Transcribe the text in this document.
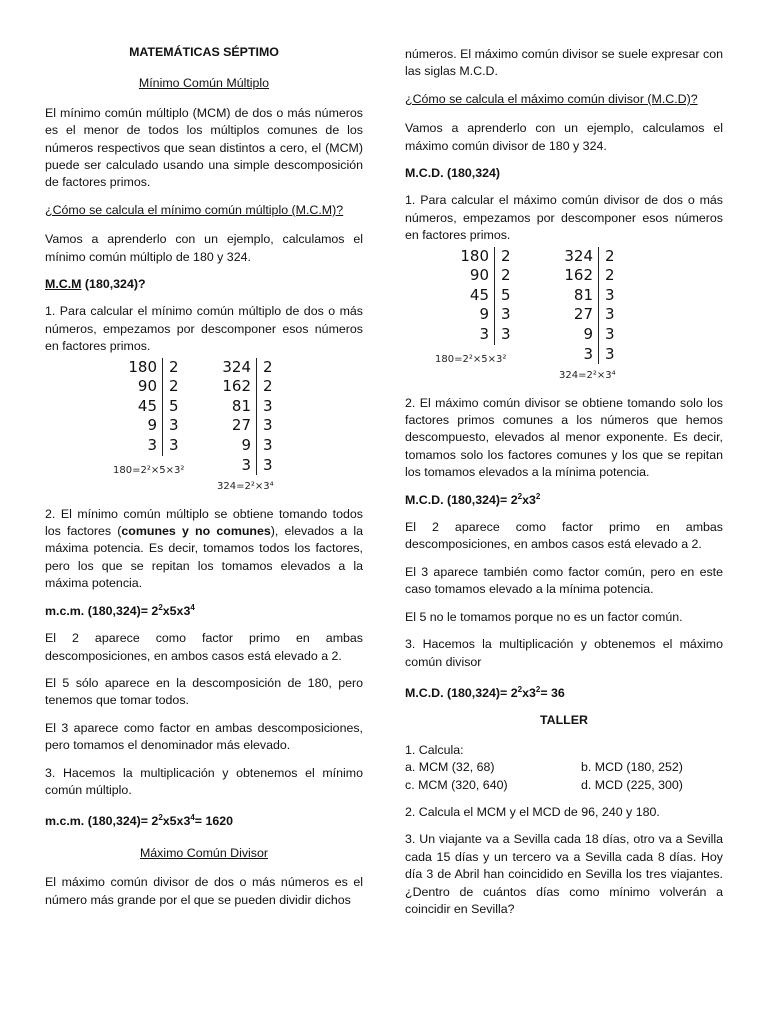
MATEMÁTICAS SÉPTIMO
Mínimo Común Múltiplo

El mínimo común múltiplo (MCM) de dos o más números es el menor de todos los múltiplos comunes de los números respectivos que sean distintos a cero, el (MCM) puede ser calculado usando una simple descomposición de factores primos.

¿Cómo se calcula el mínimo común múltiplo (M.C.M)?

Vamos a aprenderlo con un ejemplo, calculamos el mínimo común múltiplo de 180 y 324.

M.C.M (180,324)?

1. Para calcular el mínimo común múltiplo de dos o más números, empezamos por descomponer esos números en factores primos.

180 2
90 2
45 5
9 3
3 3
180=2²×5×3²
324 2
162 2
81 3
27 3
9 3
3 3
324=2²×3⁴

2. El mínimo común múltiplo se obtiene tomando todos los factores (comunes y no comunes), elevados a la máxima potencia. Es decir, tomamos todos los factores, pero los que se repitan los tomamos elevados a la máxima potencia.

m.c.m. $(180,324)= 2^2x5x3^4$

El 2 aparece como factor primo en ambas descomposiciones, en ambos casos está elevado a 2.

El 5 sólo aparece en la descomposición de 180, pero tenemos que tomar todos.

El 3 aparece como factor en ambas descomposiciones, pero tomamos el denominador más elevado.

3. Hacemos la multiplicación y obtenemos el mínimo común múltiplo.

m.c.m. $(180,324)= 2^2x5x3^4= 1620$

Máximo Común Divisor

El máximo común divisor de dos o más números es el número más grande por el que se pueden dividir dichos

números. El máximo común divisor se suele expresar con las siglas M.C.D.

¿Cómo se calcula el máximo común divisor (M.C.D)?

Vamos a aprenderlo con un ejemplo, calculamos el máximo común divisor de 180 y 324.

M.C.D. (180,324)

1. Para calcular el máximo común divisor de dos o más números, empezamos por descomponer esos números en factores primos.

180 2
90 2
45 5
9 3
3 3
180=2²×5×3²
324 2
162 2
81 3
27 3
9 3
3 3
324=2²×3⁴

2. El máximo común divisor se obtiene tomando solo los factores primos comunes a los números que hemos descompuesto, elevados al menor exponente. Es decir, tomamos solo los factores comunes y los que se repitan los tomamos elevados a la mínima potencia.

M.C.D. $(180,324)= 2^2x3^2$

El 2 aparece como factor primo en ambas descomposiciones, en ambos casos está elevado a 2.

El 3 aparece también como factor común, pero en este caso tomamos elevado a la mínima potencia.

El 5 no le tomamos porque no es un factor común.

3. Hacemos la multiplicación y obtenemos el máximo común divisor

M.C.D. $(180,324)= 2^2x3^2= 36$

TALLER
1. Calcula:
a. MCM (32, 68)	b. MCD (180, 252)
c. MCM (320, 640)	d. MCD (225, 300)

2. Calcula el MCM y el MCD de 96, 240 y 180.

3. Un viajante va a Sevilla cada 18 días, otro va a Sevilla cada 15 días y un tercero va a Sevilla cada 8 días. Hoy día 3 de Abril han coincidido en Sevilla los tres viajantes. ¿Dentro de cuántos días como mínimo volverán a coincidir en Sevilla?
